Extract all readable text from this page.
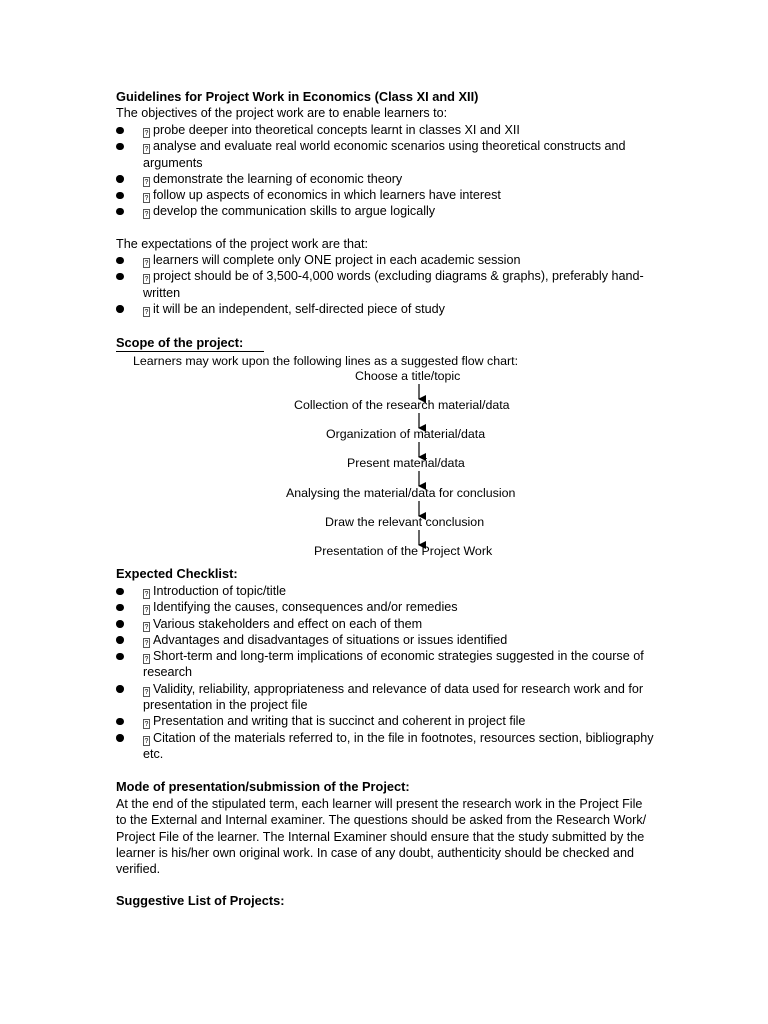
Guidelines for Project Work in Economics (Class XI and XII)
The objectives of the project work are to enable learners to:
? probe deeper into theoretical concepts learnt in classes XI and XII
? analyse and evaluate real world economic scenarios using theoretical constructs and arguments
? demonstrate the learning of economic theory
? follow up aspects of economics in which learners have interest
? develop the communication skills to argue logically
The expectations of the project work are that:
? learners will complete only ONE project in each academic session
? project should be of 3,500-4,000 words (excluding diagrams & graphs), preferably hand-written
? it will be an independent, self-directed piece of study
Scope of the project:
Learners may work upon the following lines as a suggested flow chart:
Choose a title/topic
Collection of the research material/data
Organization of material/data
Present material/data
Analysing the material/data for conclusion
Draw the relevant conclusion
Presentation of the Project Work
Expected Checklist:
? Introduction of topic/title
? Identifying the causes, consequences and/or remedies
? Various stakeholders and effect on each of them
? Advantages and disadvantages of situations or issues identified
? Short-term and long-term implications of economic strategies suggested in the course of research
? Validity, reliability, appropriateness and relevance of data used for research work and for presentation in the project file
? Presentation and writing that is succinct and coherent in project file
? Citation of the materials referred to, in the file in footnotes, resources section, bibliography etc.
Mode of presentation/submission of the Project:
At the end of the stipulated term, each learner will present the research work in the Project File to the External and Internal examiner. The questions should be asked from the Research Work/ Project File of the learner. The Internal Examiner should ensure that the study submitted by the learner is his/her own original work. In case of any doubt, authenticity should be checked and verified.
Suggestive List of Projects:
